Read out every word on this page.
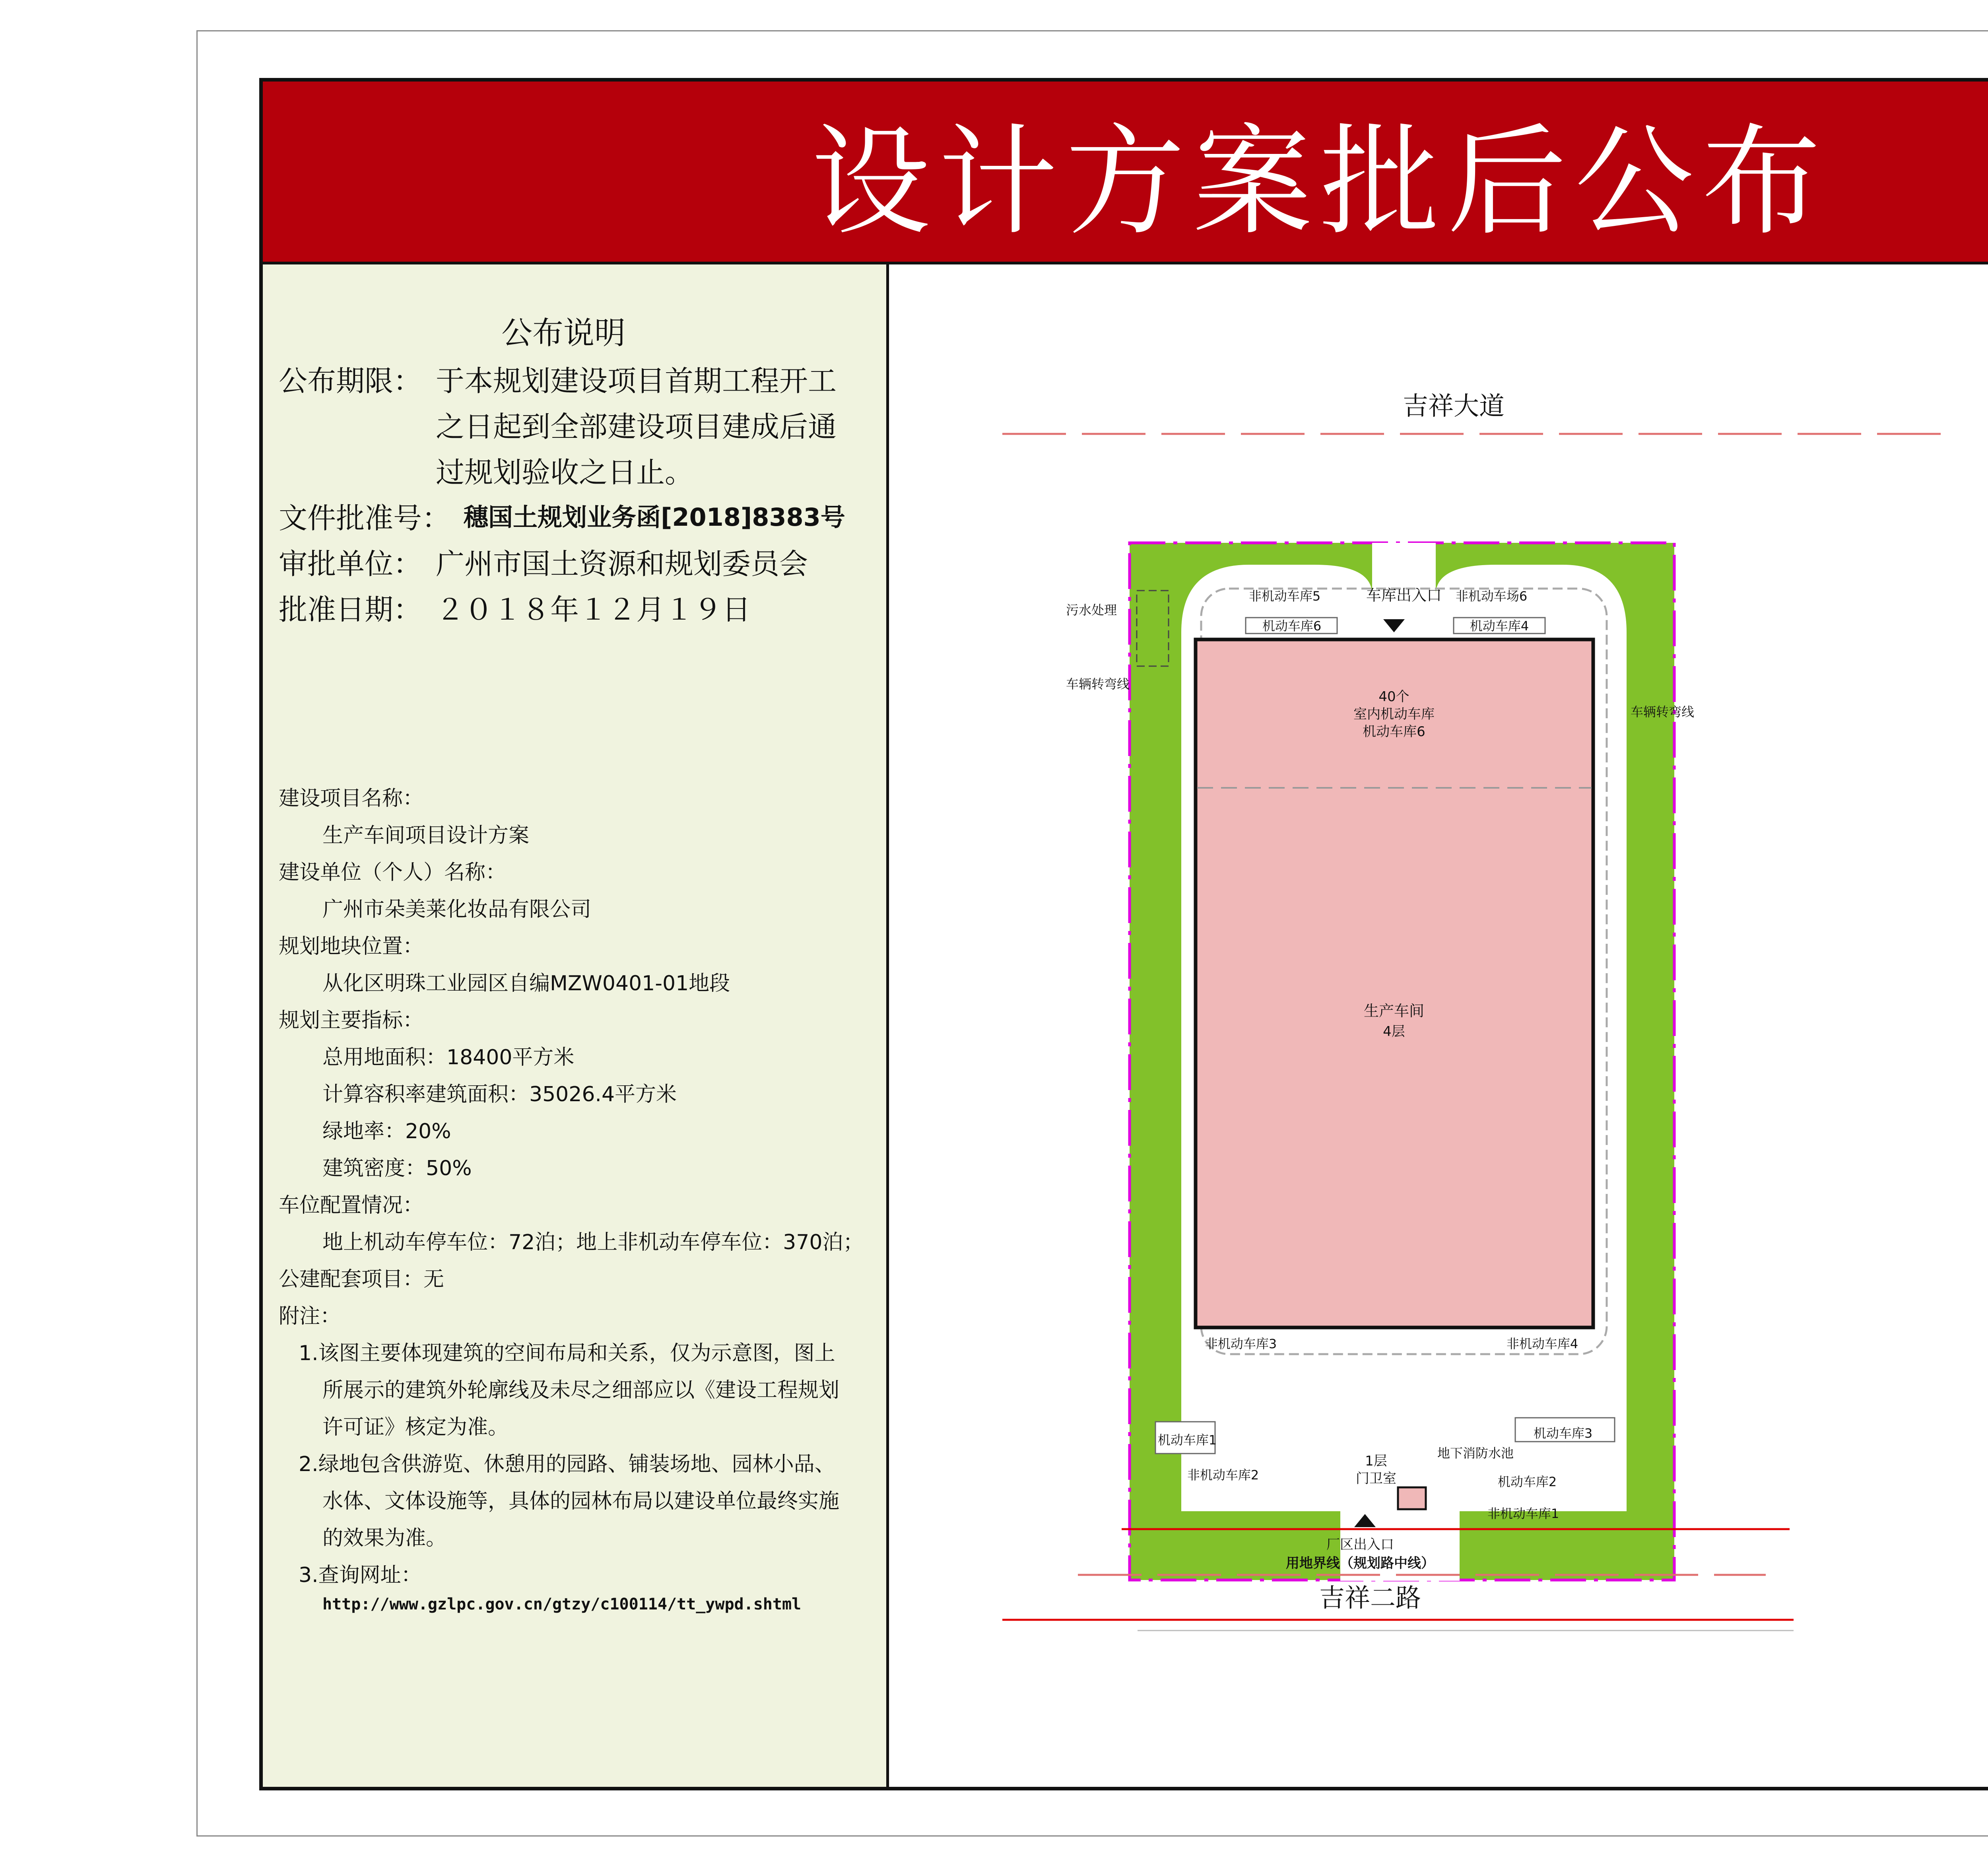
设计方案批后公布
公布说明
公布期限： 于本规划建设项目首期工程开工
之日起到全部建设项目建成后通
过规划验收之日止。
文件批准号： 穗国土规划业务函[2018]8383号
审批单位： 广州市国土资源和规划委员会
批准日期： ２０１８年１２月１９日
建设项目名称：
生产车间项目设计方案
建设单位（个人）名称：
广州市朵美莱化妆品有限公司
规划地块位置：
从化区明珠工业园区自编MZW0401-01地段
规划主要指标：
总用地面积：18400平方米
计算容积率建筑面积：35026.4平方米
绿地率：20%
建筑密度：50%
车位配置情况：
地上机动车停车位：72泊；地上非机动车停车位：370泊；
公建配套项目：无
附注：
1.该图主要体现建筑的空间布局和关系，仅为示意图，图上
所展示的建筑外轮廓线及未尽之细部应以《建设工程规划
许可证》核定为准。
2.绿地包含供游览、休憩用的园路、铺装场地、园林小品、
水体、文体设施等，具体的园林布局以建设单位最终实施
的效果为准。
3.查询网址：
http://www.gzlpc.gov.cn/gtzy/c100114/tt_ywpd.shtml
吉祥大道
40个
室内机动车库
机动车库6
生产车间
4层
机动车库6	机动车库4
非机动车库5	非机动车场6
车库出入口
污水处理
车辆转弯线
车辆转弯线
非机动车库3	非机动车库4
机动车库1
非机动车库2
机动车库3
地下消防水池
机动车库2
非机动车库1
1层
门卫室
厂区出入口
用地界线（规划路中线）
吉祥二路
